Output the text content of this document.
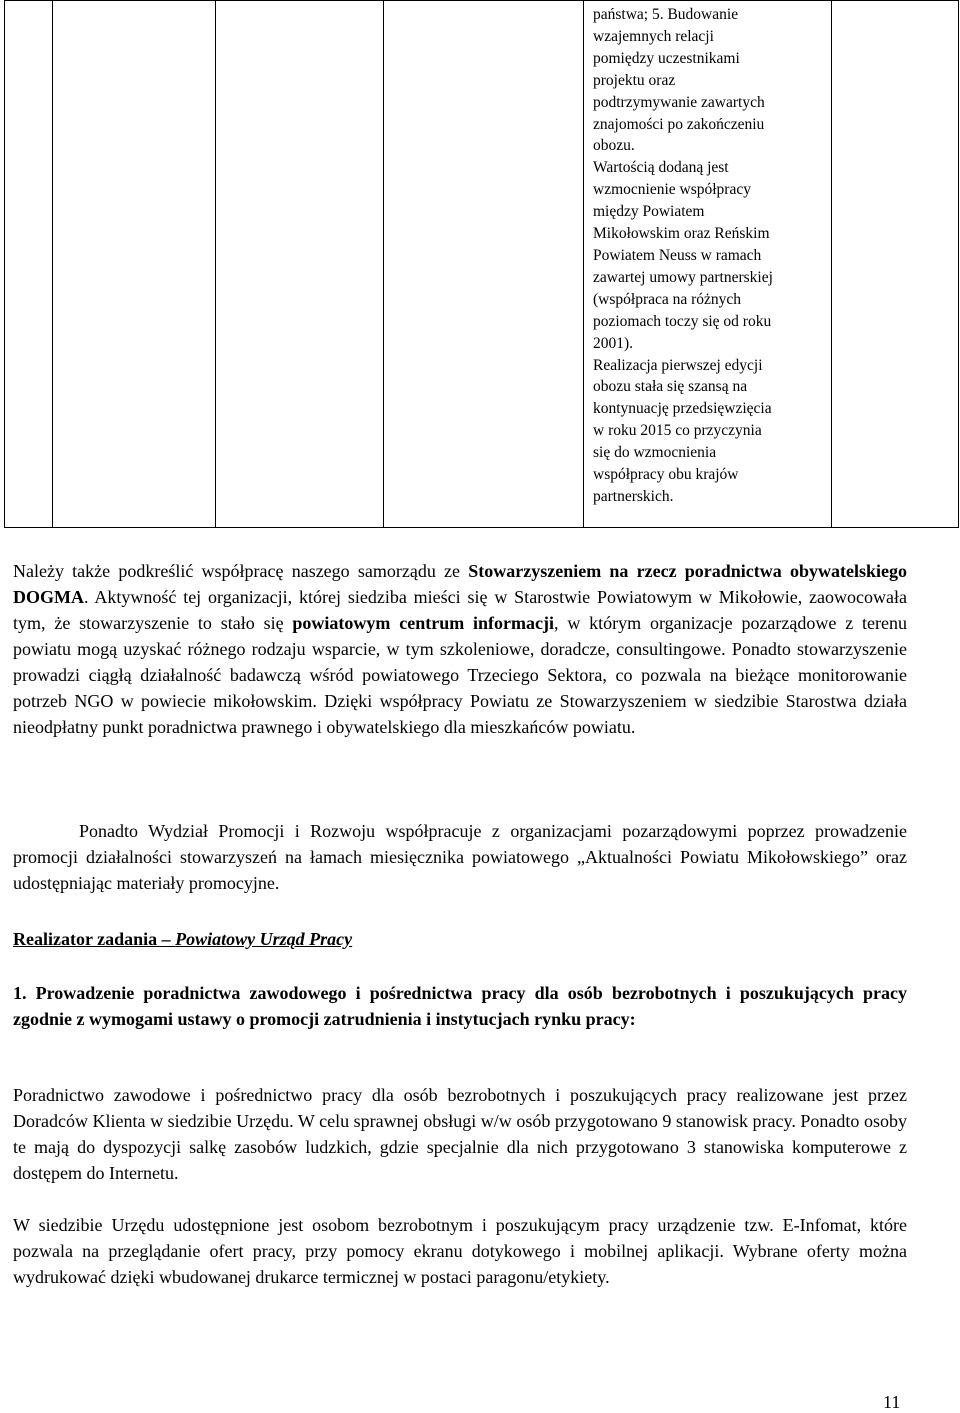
państwa; 5. Budowanie

wzajemnych relacji

pomiędzy uczestnikami

projektu oraz

podtrzymywanie zawartych

znajomości po zakończeniu

obozu.

Wartością dodaną jest

wzmocnienie współpracy

między Powiatem

Mikołowskim oraz Reńskim

Powiatem Neuss w ramach

zawartej umowy partnerskiej

(współpraca na różnych

poziomach toczy się od roku

2001).

Realizacja pierwszej edycji

obozu stała się szansą na

kontynuację przedsięwzięcia

w roku 2015 co przyczynia

się do wzmocnienia

współpracy obu krajów

partnerskich.

Należy także podkreślić współpracę naszego samorządu ze Stowarzyszeniem na rzecz poradnictwa obywatelskiego DOGMA. Aktywność tej organizacji, której siedziba mieści się w Starostwie Powiatowym w Mikołowie, zaowocowała tym, że stowarzyszenie to stało się powiatowym centrum informacji, w którym organizacje pozarządowe z terenu powiatu mogą uzyskać różnego rodzaju wsparcie, w tym szkoleniowe, doradcze, consultingowe. Ponadto stowarzyszenie prowadzi ciągłą działalność badawczą wśród powiatowego Trzeciego Sektora, co pozwala na bieżące monitorowanie potrzeb NGO w powiecie mikołowskim. Dzięki współpracy Powiatu ze Stowarzyszeniem w siedzibie Starostwa działa nieodpłatny punkt poradnictwa prawnego i obywatelskiego dla mieszkańców powiatu.

Ponadto Wydział Promocji i Rozwoju współpracuje z organizacjami pozarządowymi poprzez prowadzenie promocji działalności stowarzyszeń na łamach miesięcznika powiatowego „Aktualności Powiatu Mikołowskiego” oraz udostępniając materiały promocyjne.

Realizator zadania – Powiatowy Urząd Pracy

1. Prowadzenie poradnictwa zawodowego i pośrednictwa pracy dla osób bezrobotnych i poszukujących pracy zgodnie z wymogami ustawy o promocji zatrudnienia i instytucjach rynku pracy:

Poradnictwo zawodowe i pośrednictwo pracy dla osób bezrobotnych i poszukujących pracy realizowane jest przez Doradców Klienta w siedzibie Urzędu. W celu sprawnej obsługi w/w osób przygotowano 9 stanowisk pracy. Ponadto osoby te mają do dyspozycji salkę zasobów ludzkich, gdzie specjalnie dla nich przygotowano 3 stanowiska komputerowe z dostępem do Internetu.

W siedzibie Urzędu udostępnione jest osobom bezrobotnym i poszukującym pracy urządzenie tzw. E-Infomat, które pozwala na przeglądanie ofert pracy, przy pomocy ekranu dotykowego i mobilnej aplikacji. Wybrane oferty można wydrukować dzięki wbudowanej drukarce termicznej w postaci paragonu/etykiety.

11
